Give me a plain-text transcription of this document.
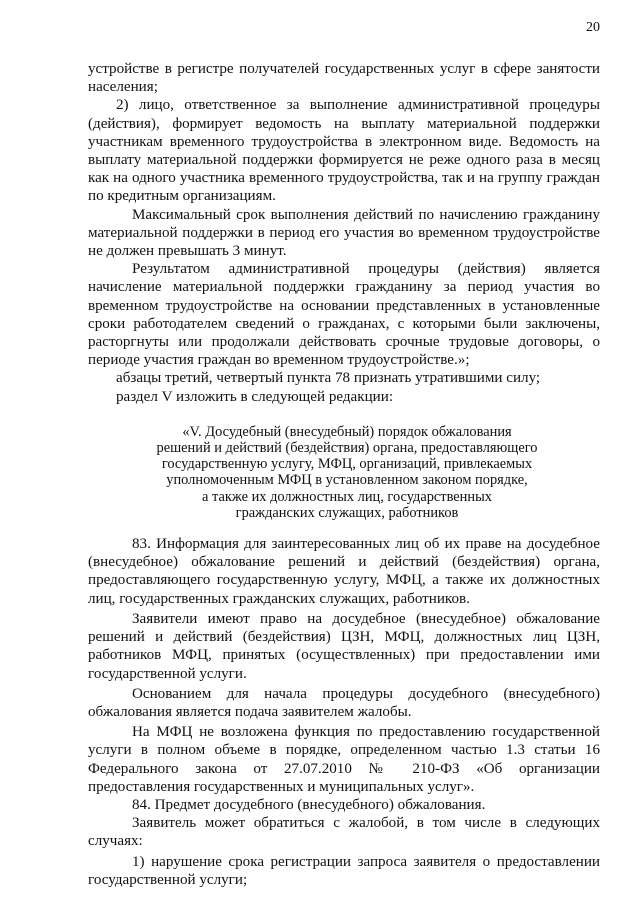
20

устройстве в регистре получателей государственных услуг в сфере занятости населения;

2) лицо, ответственное за выполнение административной процедуры (действия), формирует ведомость на выплату материальной поддержки участникам временного трудоустройства в электронном виде. Ведомость на выплату материальной поддержки формируется не реже одного раза в месяц как на одного участника временного трудоустройства, так и на группу граждан по кредитным организациям.

Максимальный срок выполнения действий по начислению гражданину материальной поддержки в период его участия во временном трудоустройстве не должен превышать 3 минут.

Результатом административной процедуры (действия) является начисление материальной поддержки гражданину за период участия во временном трудоустройстве на основании представленных в установленные сроки работодателем сведений о гражданах, с которыми были заключены, расторгнуты или продолжали действовать срочные трудовые договоры, о периоде участия граждан во временном трудоустройстве.»;

абзацы третий, четвертый пункта 78 признать утратившими силу;

раздел V изложить в следующей редакции:

«V. Досудебный (внесудебный) порядок обжалования
решений и действий (бездействия) органа, предоставляющего
государственную услугу, МФЦ, организаций, привлекаемых
уполномоченным МФЦ в установленном законом порядке,
а также их должностных лиц, государственных
гражданских служащих, работников

83. Информация для заинтересованных лиц об их праве на досудебное (внесудебное) обжалование решений и действий (бездействия) органа, предоставляющего государственную услугу, МФЦ, а также их должностных лиц, государственных гражданских служащих, работников.

Заявители имеют право на досудебное (внесудебное) обжалование решений и действий (бездействия) ЦЗН, МФЦ, должностных лиц ЦЗН, работников МФЦ, принятых (осуществленных) при предоставлении ими государственной услуги.

Основанием для начала процедуры досудебного (внесудебного) обжалования является подача заявителем жалобы.

На МФЦ не возложена функция по предоставлению государственной услуги в полном объеме в порядке, определенном частью 1.3 статьи 16 Федерального закона от 27.07.2010 № 210-ФЗ «Об организации предоставления государственных и муниципальных услуг».

84. Предмет досудебного (внесудебного) обжалования.

Заявитель может обратиться с жалобой, в том числе в следующих случаях:

1) нарушение срока регистрации запроса заявителя о предоставлении государственной услуги;
